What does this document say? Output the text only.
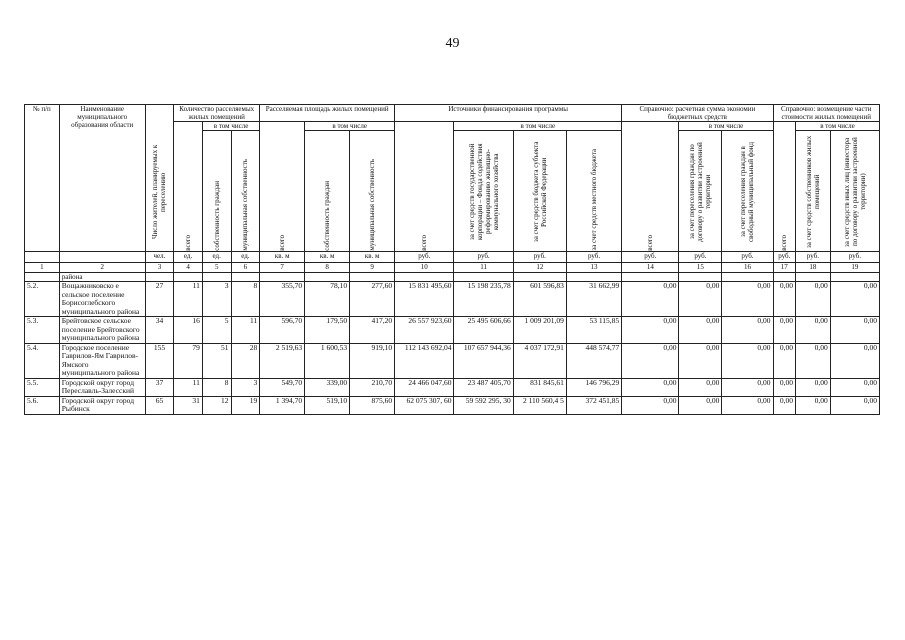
49
№ п/п	Наименование муниципального образования области	Число жителей, планируемых к переселению	Количество расселяемых жилых помещений			Расселяемая площадь жилых помещений			Источники финансирования программы				Справочно: расчетная сумма экономии бюджетных средств			Справочно: возмещение части стоимости жилых помещений		

			всего	в том числе		всего	в том числе		всего	в том числе			всего	в том числе		всего	в том числе	

				собственность граждан	муниципальная собственность		собственность граждан	муниципальная собственность		за счет средств государственной корпорации – Фонда содействия реформированию жилищно-коммунального хозяйства	за счет средств бюджета субъекта Российской Федерации	за счет средств местного бюджета		за счет переселения граждан по договору о развитии застроенной территории	за счет переселения граждан в свободный муниципальный фонд		за счет средств собственников жилых помещений	за счет средств иных лиц (инвестора по договору о развитии застроенной территории)

		чел.	ед.	ед.	ед.	кв. м	кв. м	кв. м	руб.	руб.	руб.	руб.	руб.	руб.	руб.	руб.	руб.	руб.
1	2	3	4	5	6	7	8	9	10	11	12	13	14	15	16	17	18	19
	района																	
5.2.	Вощажниковско е сельское поселение Борисоглебского муниципального района	27	11	3	8	355,70	78,10	277,60	15 831 495,60	15 198 235,78	601 596,83	31 662,99	0,00	0,00	0,00	0,00	0,00	0,00
5.3.	Брейтовское сельское поселение Брейтовского муниципального района	34	16	5	11	596,70	179,50	417,20	26 557 923,60	25 495 606,66	1 009 201,09	53 115,85	0,00	0,00	0,00	0,00	0,00	0,00
5.4.	Городское поселение Гаврилов-Ям Гаврилов-Ямского муниципального района	155	79	51	28	2 519,63	1 600,53	919,10	112 143 692,04	107 657 944,36	4 037 172,91	448 574,77	0,00	0,00	0,00	0,00	0,00	0,00
5.5.	Городской округ город Переславль-Залесский	37	11	8	3	549,70	339,00	210,70	24 466 047,60	23 487 405,70	831 845,61	146 796,29	0,00	0,00	0,00	0,00	0,00	0,00
5.6.	Городской округ город Рыбинск	65	31	12	19	1 394,70	519,10	875,60	62 075 307, 60	59 592 295, 30	2 110 560,4 5	372 451,85	0,00	0,00	0,00	0,00	0,00	0,00
